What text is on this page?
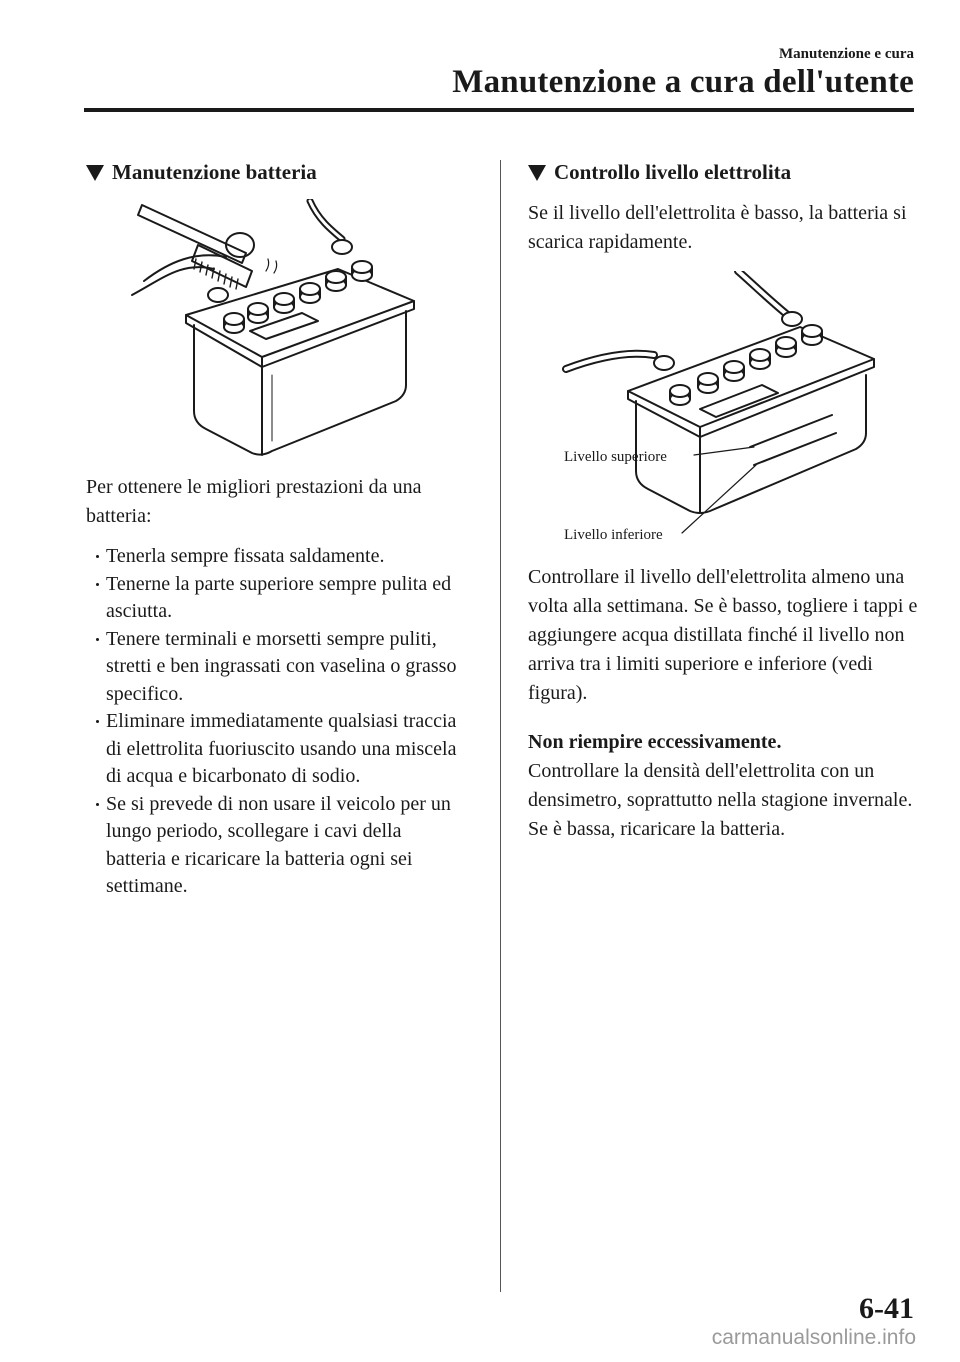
Manutenzione e cura
Manutenzione a cura dell'utente
Manutenzione batteria

Per ottenere le migliori prestazioni da una batteria:

Tenerla sempre fissata saldamente.
Tenerne la parte superiore sempre pulita ed asciutta.
Tenere terminali e morsetti sempre puliti, stretti e ben ingrassati con vaselina o grasso specifico.
Eliminare immediatamente qualsiasi traccia di elettrolita fuoriuscito usando una miscela di acqua e bicarbonato di sodio.
Se si prevede di non usare il veicolo per un lungo periodo, scollegare i cavi della batteria e ricaricare la batteria ogni sei settimane.
Controllo livello elettrolita

Se il livello dell'elettrolita è basso, la batteria si scarica rapidamente.

Livello superiore
Livello inferiore

Controllare il livello dell'elettrolita almeno una volta alla settimana. Se è basso, togliere i tappi e aggiungere acqua distillata finché il livello non arriva tra i limiti superiore e inferiore (vedi figura).

Non riempire eccessivamente.

Controllare la densità dell'elettrolita con un densimetro, soprattutto nella stagione invernale. Se è bassa, ricaricare la batteria.

6-41
carmanualsonline.info
